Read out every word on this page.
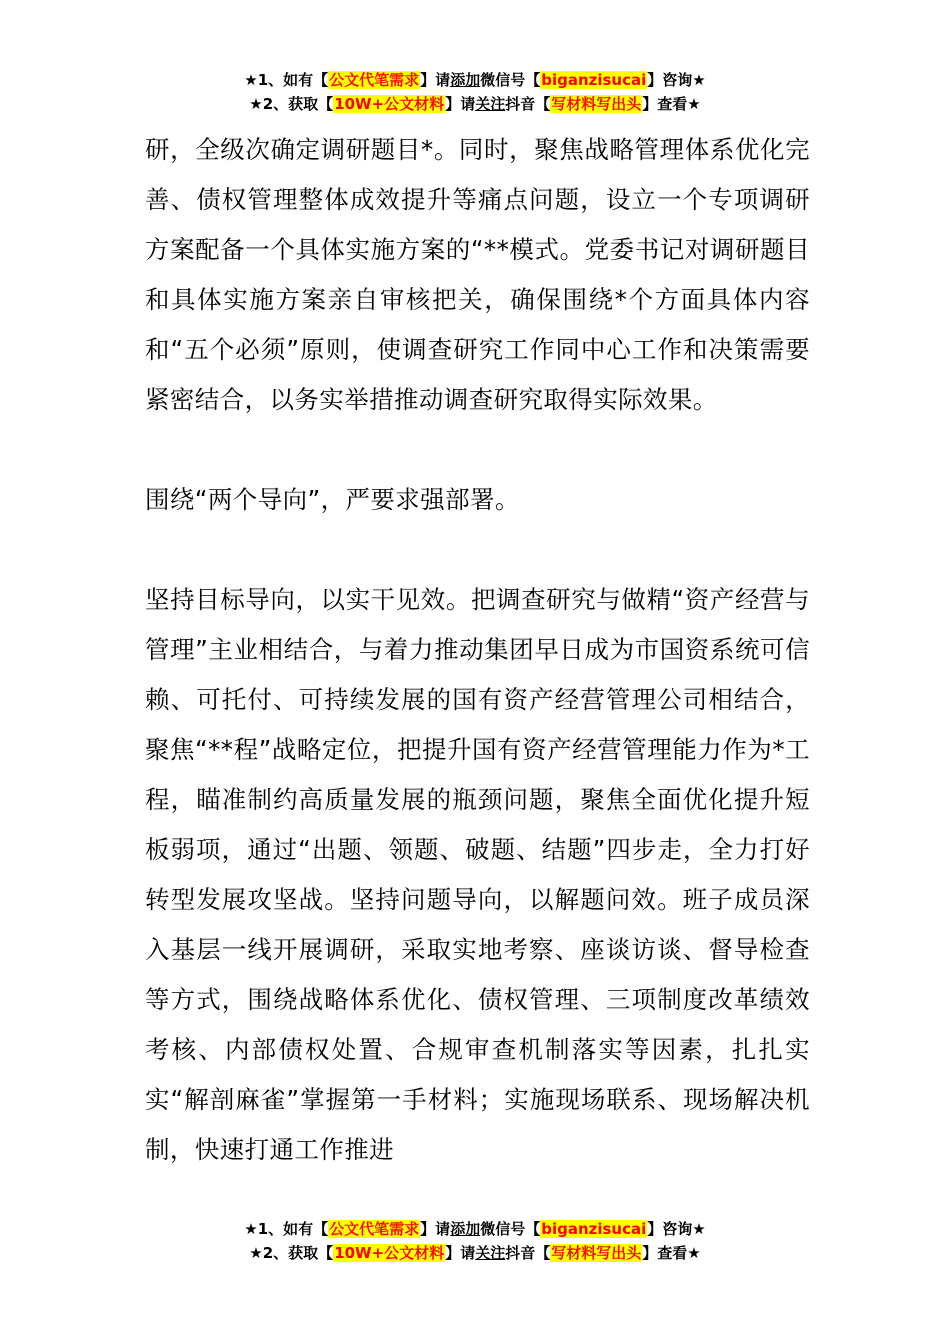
★1、如有【公文代笔需求】请添加微信号【biganzisucai】咨询★
★2、获取【10W+公文材料】请关注抖音【写材料写出头】查看★

研，全级次确定调研题目*。同时，聚焦战略管理体系优化完善、债权管理整体成效提升等痛点问题，设立一个专项调研方案配备一个具体实施方案的“**模式。党委书记对调研题目和具体实施方案亲自审核把关，确保围绕*个方面具体内容和“五个必须”原则，使调查研究工作同中心工作和决策需要紧密结合，以务实举措推动调查研究取得实际效果。

围绕“两个导向”，严要求强部署。

坚持目标导向，以实干见效。把调查研究与做精“资产经营与管理”主业相结合，与着力推动集团早日成为市国资系统可信赖、可托付、可持续发展的国有资产经营管理公司相结合，聚焦“**程”战略定位，把提升国有资产经营管理能力作为*工程，瞄准制约高质量发展的瓶颈问题，聚焦全面优化提升短板弱项，通过“出题、领题、破题、结题”四步走，全力打好转型发展攻坚战。坚持问题导向，以解题问效。班子成员深入基层一线开展调研，采取实地考察、座谈访谈、督导检查等方式，围绕战略体系优化、债权管理、三项制度改革绩效考核、内部债权处置、合规审查机制落实等因素，扎扎实实“解剖麻雀”掌握第一手材料；实施现场联系、现场解决机制，快速打通工作推进

★1、如有【公文代笔需求】请添加微信号【biganzisucai】咨询★
★2、获取【10W+公文材料】请关注抖音【写材料写出头】查看★
